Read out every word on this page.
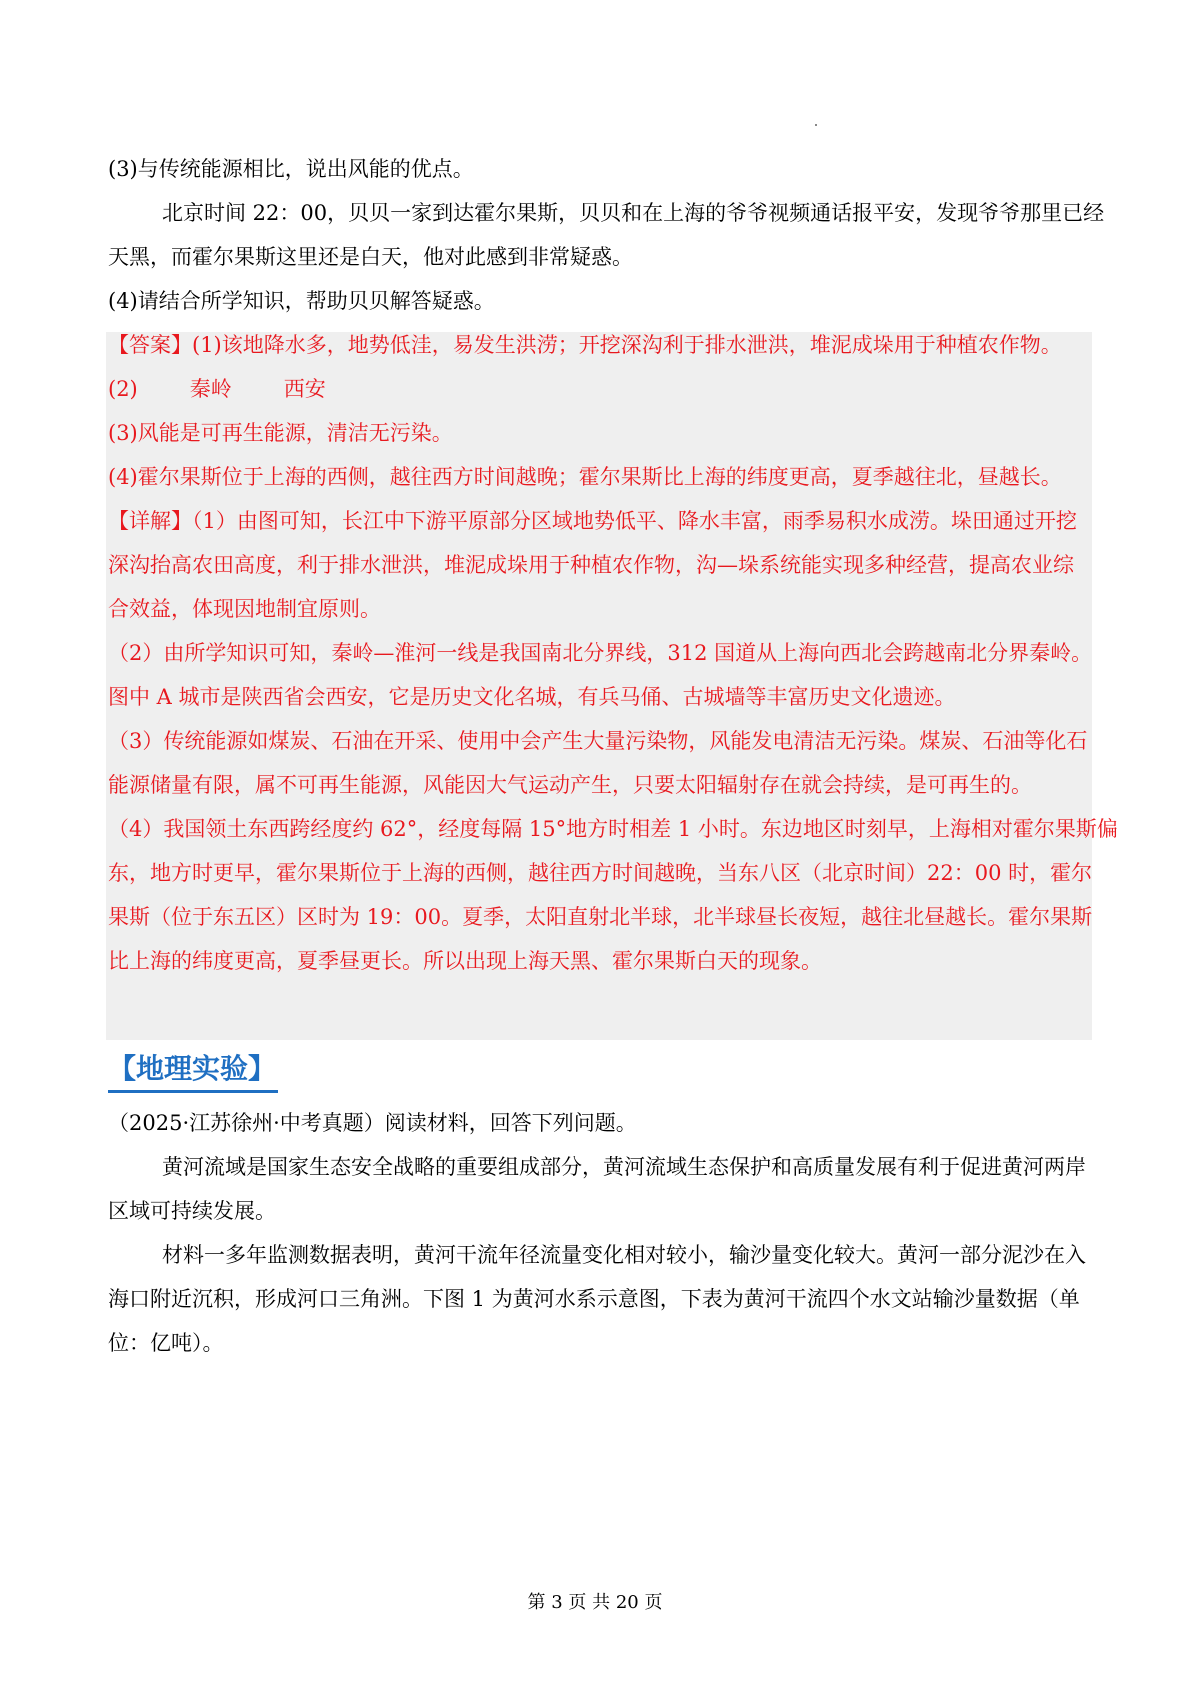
(3)与传统能源相比，说出风能的优点。
北京时间 22：00，贝贝一家到达霍尔果斯，贝贝和在上海的爷爷视频通话报平安，发现爷爷那里已经
天黑，而霍尔果斯这里还是白天，他对此感到非常疑惑。
(4)请结合所学知识，帮助贝贝解答疑惑。
【答案】(1)该地降水多，地势低洼，易发生洪涝；开挖深沟利于排水泄洪，堆泥成垛用于种植农作物。
(2) 秦岭 西安
(3)风能是可再生能源，清洁无污染。
(4)霍尔果斯位于上海的西侧，越往西方时间越晚；霍尔果斯比上海的纬度更高，夏季越往北，昼越长。
【详解】（1）由图可知，长江中下游平原部分区域地势低平、降水丰富，雨季易积水成涝。垛田通过开挖
深沟抬高农田高度，利于排水泄洪，堆泥成垛用于种植农作物，沟—垛系统能实现多种经营，提高农业综
合效益，体现因地制宜原则。
（2）由所学知识可知，秦岭—淮河一线是我国南北分界线，312 国道从上海向西北会跨越南北分界秦岭。
图中 A 城市是陕西省会西安，它是历史文化名城，有兵马俑、古城墙等丰富历史文化遗迹。
（3）传统能源如煤炭、石油在开采、使用中会产生大量污染物，风能发电清洁无污染。煤炭、石油等化石
能源储量有限，属不可再生能源，风能因大气运动产生，只要太阳辐射存在就会持续，是可再生的。
（4）我国领土东西跨经度约 62°，经度每隔 15°地方时相差 1 小时。东边地区时刻早，上海相对霍尔果斯偏
东，地方时更早，霍尔果斯位于上海的西侧，越往西方时间越晚，当东八区（北京时间）22：00 时，霍尔
果斯（位于东五区）区时为 19：00。夏季，太阳直射北半球，北半球昼长夜短，越往北昼越长。霍尔果斯
比上海的纬度更高，夏季昼更长。所以出现上海天黑、霍尔果斯白天的现象。
【地理实验】
（2025·江苏徐州·中考真题）阅读材料，回答下列问题。
黄河流域是国家生态安全战略的重要组成部分，黄河流域生态保护和高质量发展有利于促进黄河两岸
区域可持续发展。
材料一多年监测数据表明，黄河干流年径流量变化相对较小，输沙量变化较大。黄河一部分泥沙在入
海口附近沉积，形成河口三角洲。下图 1 为黄河水系示意图，下表为黄河干流四个水文站输沙量数据（单
位：亿吨）。
第 3 页 共 20 页
